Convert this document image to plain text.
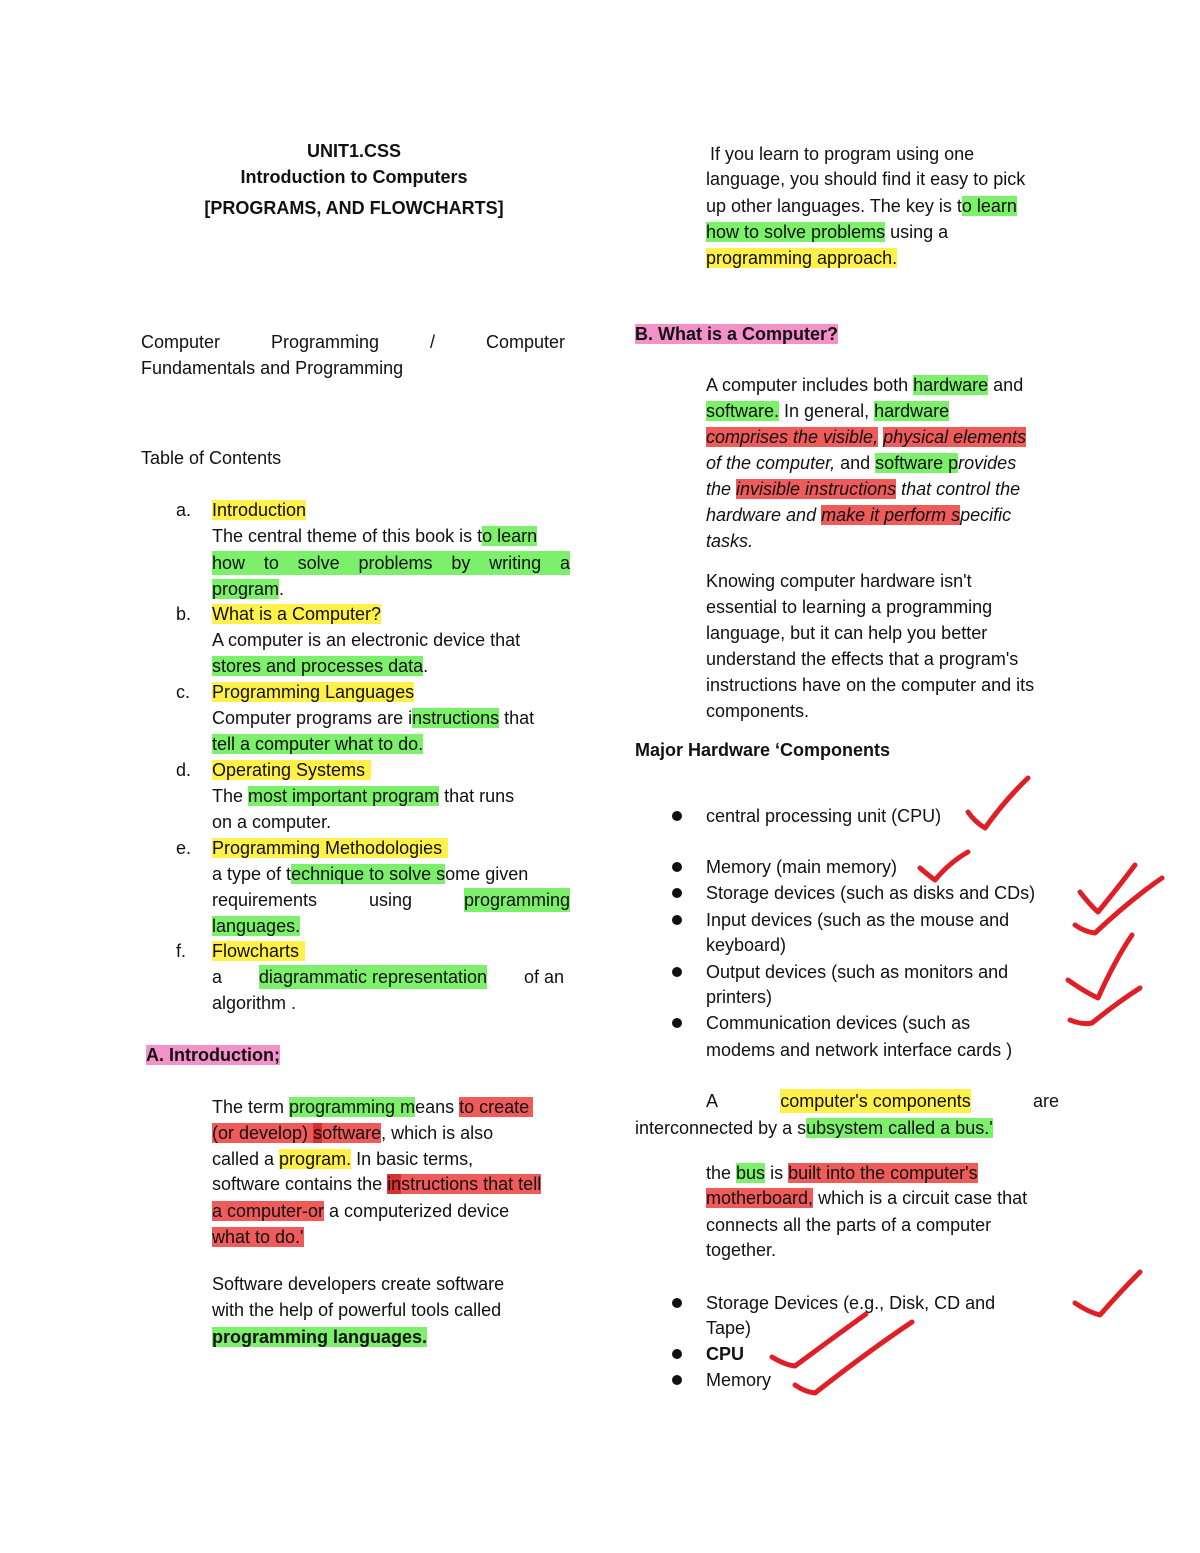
UNIT1.CSS
Introduction to Computers
[PROGRAMS, AND FLOWCHARTS]
Computer	Programming	/	Computer
Fundamentals and Programming
Table of Contents
a. Introduction
The central theme of this book is to learn
how to solve problems by writing a
program.
b. What is a Computer?
A computer is an electronic device that
stores and processes data.
c. Programming Languages
Computer programs are instructions that
tell a computer what to do.
d. Operating Systems
The most important program that runs
on a computer.
e. Programming Methodologies
a type of technique to solve some given
requirements	using	programming
languages.
f. Flowcharts
a diagrammatic representation of an
algorithm .
A. Introduction;
The term programming means to create
(or develop) software, which is also
called a program. In basic terms,
software contains the instructions that tell
a computer-or a computerized device
what to do.'
Software developers create software
with the help of powerful tools called
programming languages.
If you learn to program using one
language, you should find it easy to pick
up other languages. The key is to learn
how to solve problems using a
programming approach.
B. What is a Computer?
A computer includes both hardware and
software. In general, hardware
comprises the visible, physical elements
of the computer, and software provides
the invisible instructions that control the
hardware and make it perform specific
tasks.
Knowing computer hardware isn't
essential to learning a programming
language, but it can help you better
understand the effects that a program's
instructions have on the computer and its
components.
Major Hardware ‘Components
central processing unit (CPU)
Memory (main memory)
Storage devices (such as disks and CDs)
Input devices (such as the mouse and
keyboard)
Output devices (such as monitors and
printers)
Communication devices (such as
modems and network interface cards )
A	computer's components	are
interconnected by a subsystem called a bus.'
the bus is built into the computer's
motherboard, which is a circuit case that
connects all the parts of a computer
together.
Storage Devices (e.g., Disk, CD and
Tape)
CPU
Memory
